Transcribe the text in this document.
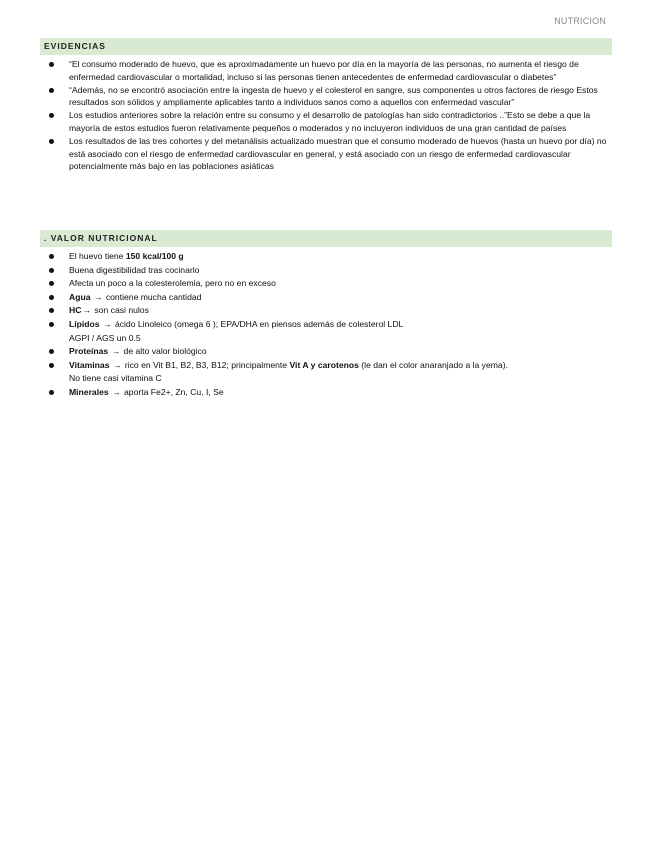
NUTRICION
EVIDENCIAS
“El consumo moderado de huevo, que es aproximadamente un huevo por día en la mayoría de las personas, no aumenta el riesgo de enfermedad cardiovascular o mortalidad, incluso si las personas tienen antecedentes de enfermedad cardiovascular o diabetes”
“Además, no se encontró asociación entre la ingesta de huevo y el colesterol en sangre, sus componentes u otros factores de riesgo Estos resultados son sólidos y ampliamente aplicables tanto a individuos sanos como a aquellos con enfermedad vascular”
Los estudios anteriores sobre la relación entre su consumo y el desarrollo de patologías han sido contradictorios ..”Esto se debe a que la mayoría de estos estudios fueron relativamente pequeños o moderados y no incluyeron individuos de una gran cantidad de países
Los resultados de las tres cohortes y del metanálisis actualizado muestran que el consumo moderado de huevos (hasta un huevo por día) no está asociado con el riesgo de enfermedad cardiovascular en general, y está asociado con un riesgo de enfermedad cardiovascular potencialmente más bajo en las poblaciones asiáticas
. VALOR NUTRICIONAL
El huevo tiene 150 kcal/100 g
Buena digestibilidad tras cocinarlo
Afecta un poco a la colesterolemia, pero no en exceso
Agua → contiene mucha cantidad
HC→ son casi nulos
Lípidos → ácido Linoleico (omega 6 ); EPA/DHA en piensos además de colesterol LDL
AGPI / AGS un 0.5
Proteínas → de alto valor biológico
Vitaminas → rico en Vit B1, B2, B3, B12; principalmente Vit A y carotenos (le dan el color anaranjado a la yema).
No tiene casi vitamina C
Minerales → aporta Fe2+, Zn, Cu, I, Se
